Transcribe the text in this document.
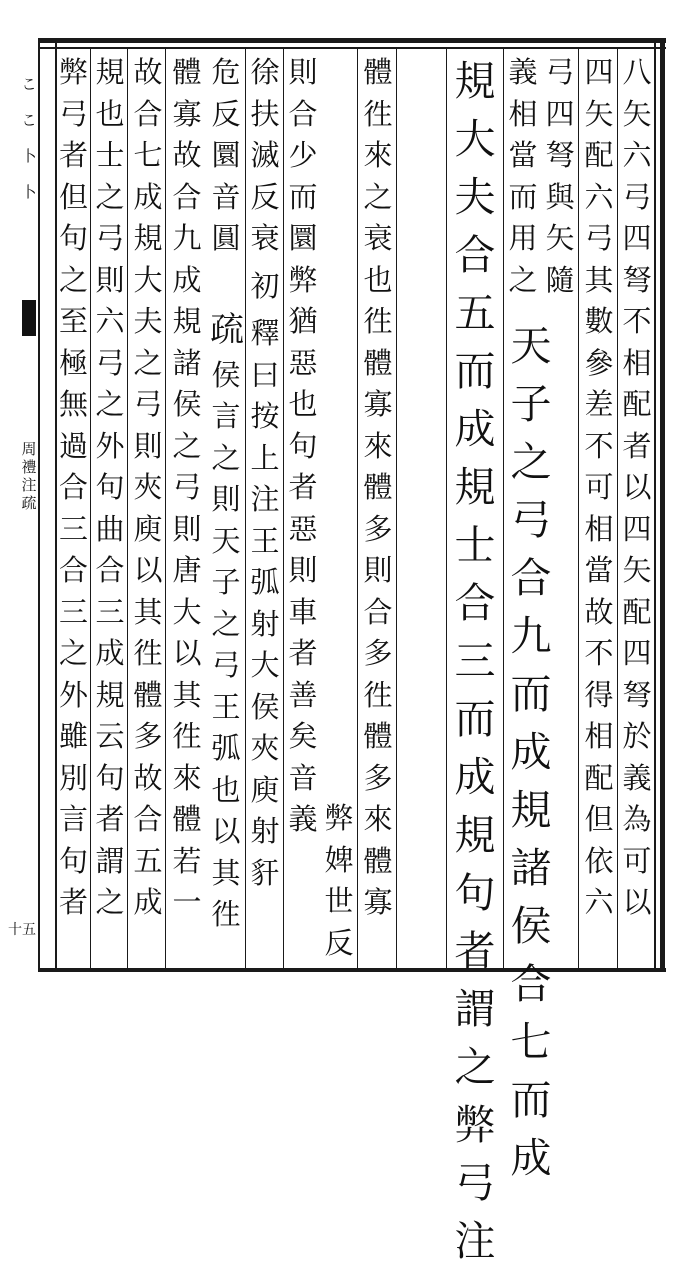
八
矢
六
弓
四
弩
不
相
配
者
以
四
矢
配
四
弩
於
義
為
可
以
四
矢
配
六
弓
其
數
參
差
不
可
相
當
故
不
得
相
配
但
依
六
弓
四
弩
與
矢
隨
義
相
當
而
用
之
天
子
之
弓
合
九
而
成
規
諸
侯
合
七
而
成
規
大
夫
合
五
而
成
規
士
合
三
而
成
規
句
者
謂
之
弊
弓
注
體
徃
來
之
衰
也
徃
體
寡
來
體
多
則
合
多
徃
體
多
來
體
寡
則
合
少
而
圜
弊
猶
惡
也
句
者
惡
則
車
者
善
矣
音
義 弊
婢
世
反
徐
扶
滅
反
衰
初
危
反
圜
音
圓
疏 釋
曰
按
上
注
王
弧
射
大
侯
夾
庾
射
豻
侯
言
之
則
天
子
之
弓
王
弧
也
以
其
徃
體
寡
故
合
九
成
規
諸
侯
之
弓
則
唐
大
以
其
徃
來
體
若
一
故
合
七
成
規
大
夫
之
弓
則
夾
庾
以
其
徃
體
多
故
合
五
成
規
也
士
之
弓
則
六
弓
之
外
句
曲
合
三
成
規
云
句
者
謂
之
弊
弓
者
但
句
之
至
極
無
過
合
三
合
三
之
外
雖
別
言
句
者
周
禮
注
疏
こ
こ
卜
卜
十五
